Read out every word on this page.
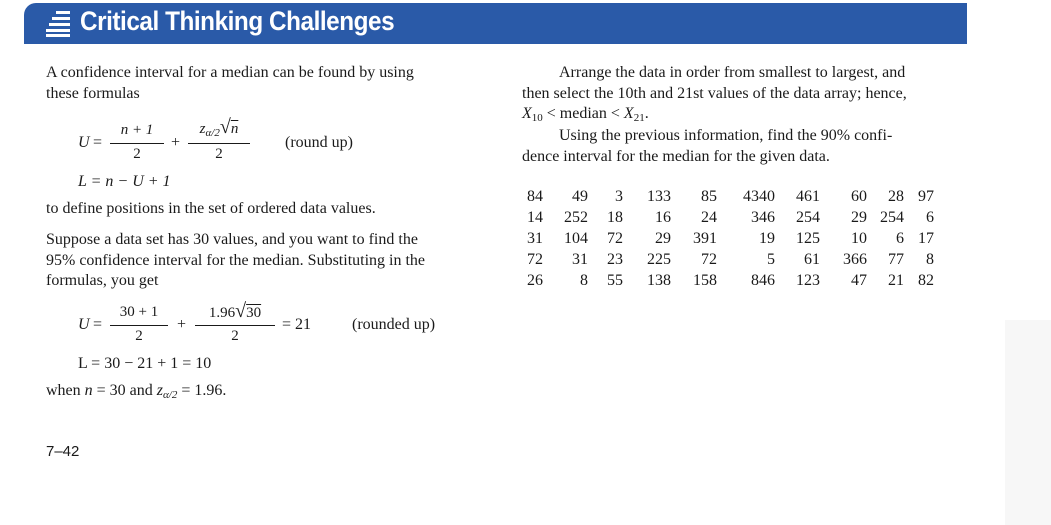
Critical Thinking Challenges

A confidence interval for a median can be found by using

these formulas

U =
n + 1
2
+
$z_{\alpha/2}√n$
2
(round up)

L = n − U + 1

to define positions in the set of ordered data values.

Suppose a data set has 30 values, and you want to find the

95% confidence interval for the median. Substituting in the

formulas, you get

U =
30 + 1
2
+
1.96√30
2
= 21	(rounded up)

L = 30 − 21 + 1 = 10

when n = 30 and $z_{\alpha/2} = 1.96$.

7–42

Arrange the data in order from smallest to largest, and

then select the 10th and 21st values of the data array; hence,

$X_{10}$ < median < $X_{21}$.

Using the previous information, find the 90% confi-

dence interval for the median for the given data.

84	49	3	133	85	4340	461	60	28	97
14	252	18	16	24	346	254	29	254	6
31	104	72	29	391	19	125	10	6	17
72	31	23	225	72	5	61	366	77	8
26	8	55	138	158	846	123	47	21	82
